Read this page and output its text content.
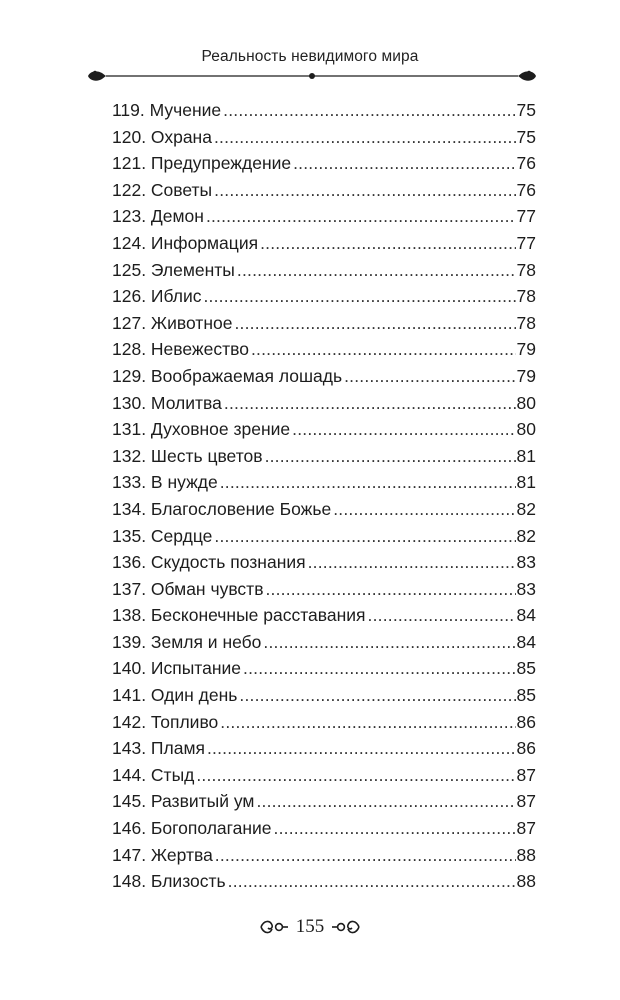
Реальность невидимого мира
119. Мучение .....	75
120. Охрана .....	75
121. Предупреждение .....	76
122. Советы .....	76
123. Демон .....	77
124. Информация .....	77
125. Элементы .....	78
126. Иблис .....	78
127. Животное .....	78
128. Невежество .....	79
129. Воображаемая лошадь .....	79
130. Молитва .....	80
131. Духовное зрение .....	80
132. Шесть цветов .....	81
133. В нужде .....	81
134. Благословение Божье .....	82
135. Сердце .....	82
136. Скудость познания .....	83
137. Обман чувств .....	83
138. Бесконечные расставания .....	84
139. Земля и небо .....	84
140. Испытание .....	85
141. Один день .....	85
142. Топливо .....	86
143. Пламя .....	86
144. Стыд .....	87
145. Развитый ум .....	87
146. Богополагание .....	87
147. Жертва .....	88
148. Близость .....	88
155
